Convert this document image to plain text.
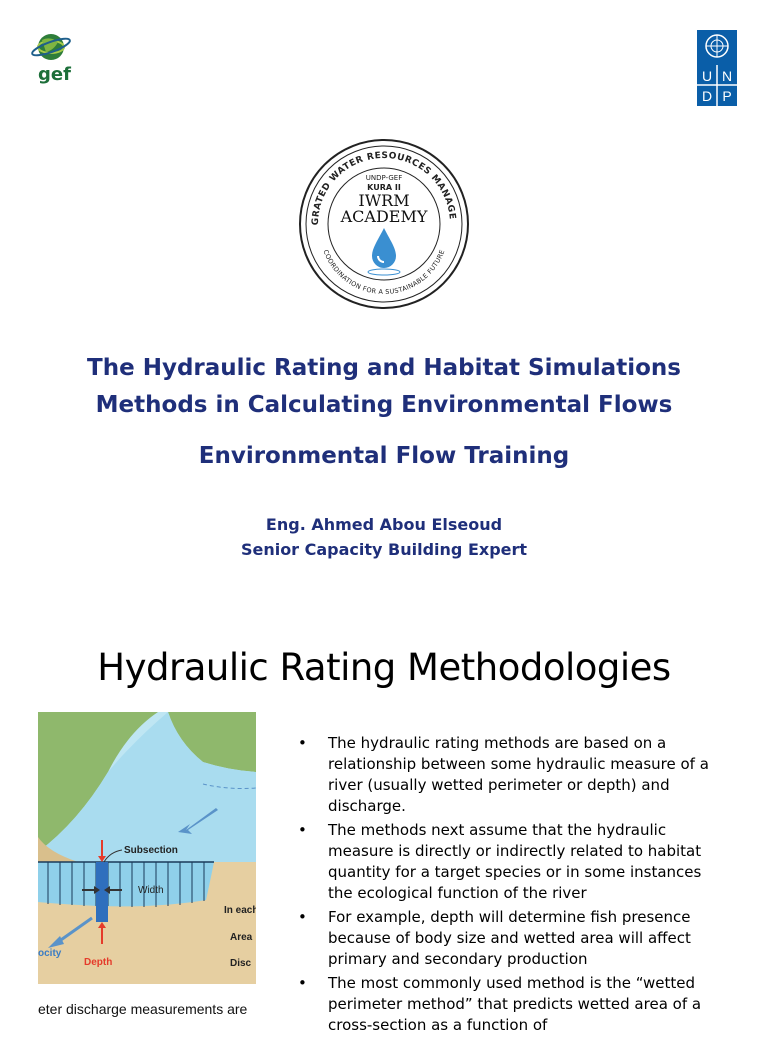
gef	U N
D P
GRATED WATER RESOURCES MANAGE
COORDINATION FOR A SUSTAINABLE FUTURE
UNDP-GEF
KURA II
IWRM
ACADEMY
The Hydraulic Rating and Habitat Simulations
Methods in Calculating Environmental Flows
Environmental Flow Training
Eng. Ahmed Abou Elseoud
Senior Capacity Building Expert
Hydraulic Rating Methodologies
Subsection
Width
In each
Area
Disc
ocity
Depth
eter discharge measurements are
• The hydraulic rating methods are based on a relationship between some hydraulic measure of a river (usually wetted perimeter or depth) and discharge.
• The methods next assume that the hydraulic measure is directly or indirectly related to habitat quantity for a target species or in some instances the ecological function of the river
• For example, depth will determine fish presence because of body size and wetted area will affect primary and secondary production
• The most commonly used method is the “wetted perimeter method” that predicts wetted area of a cross-section as a function of
